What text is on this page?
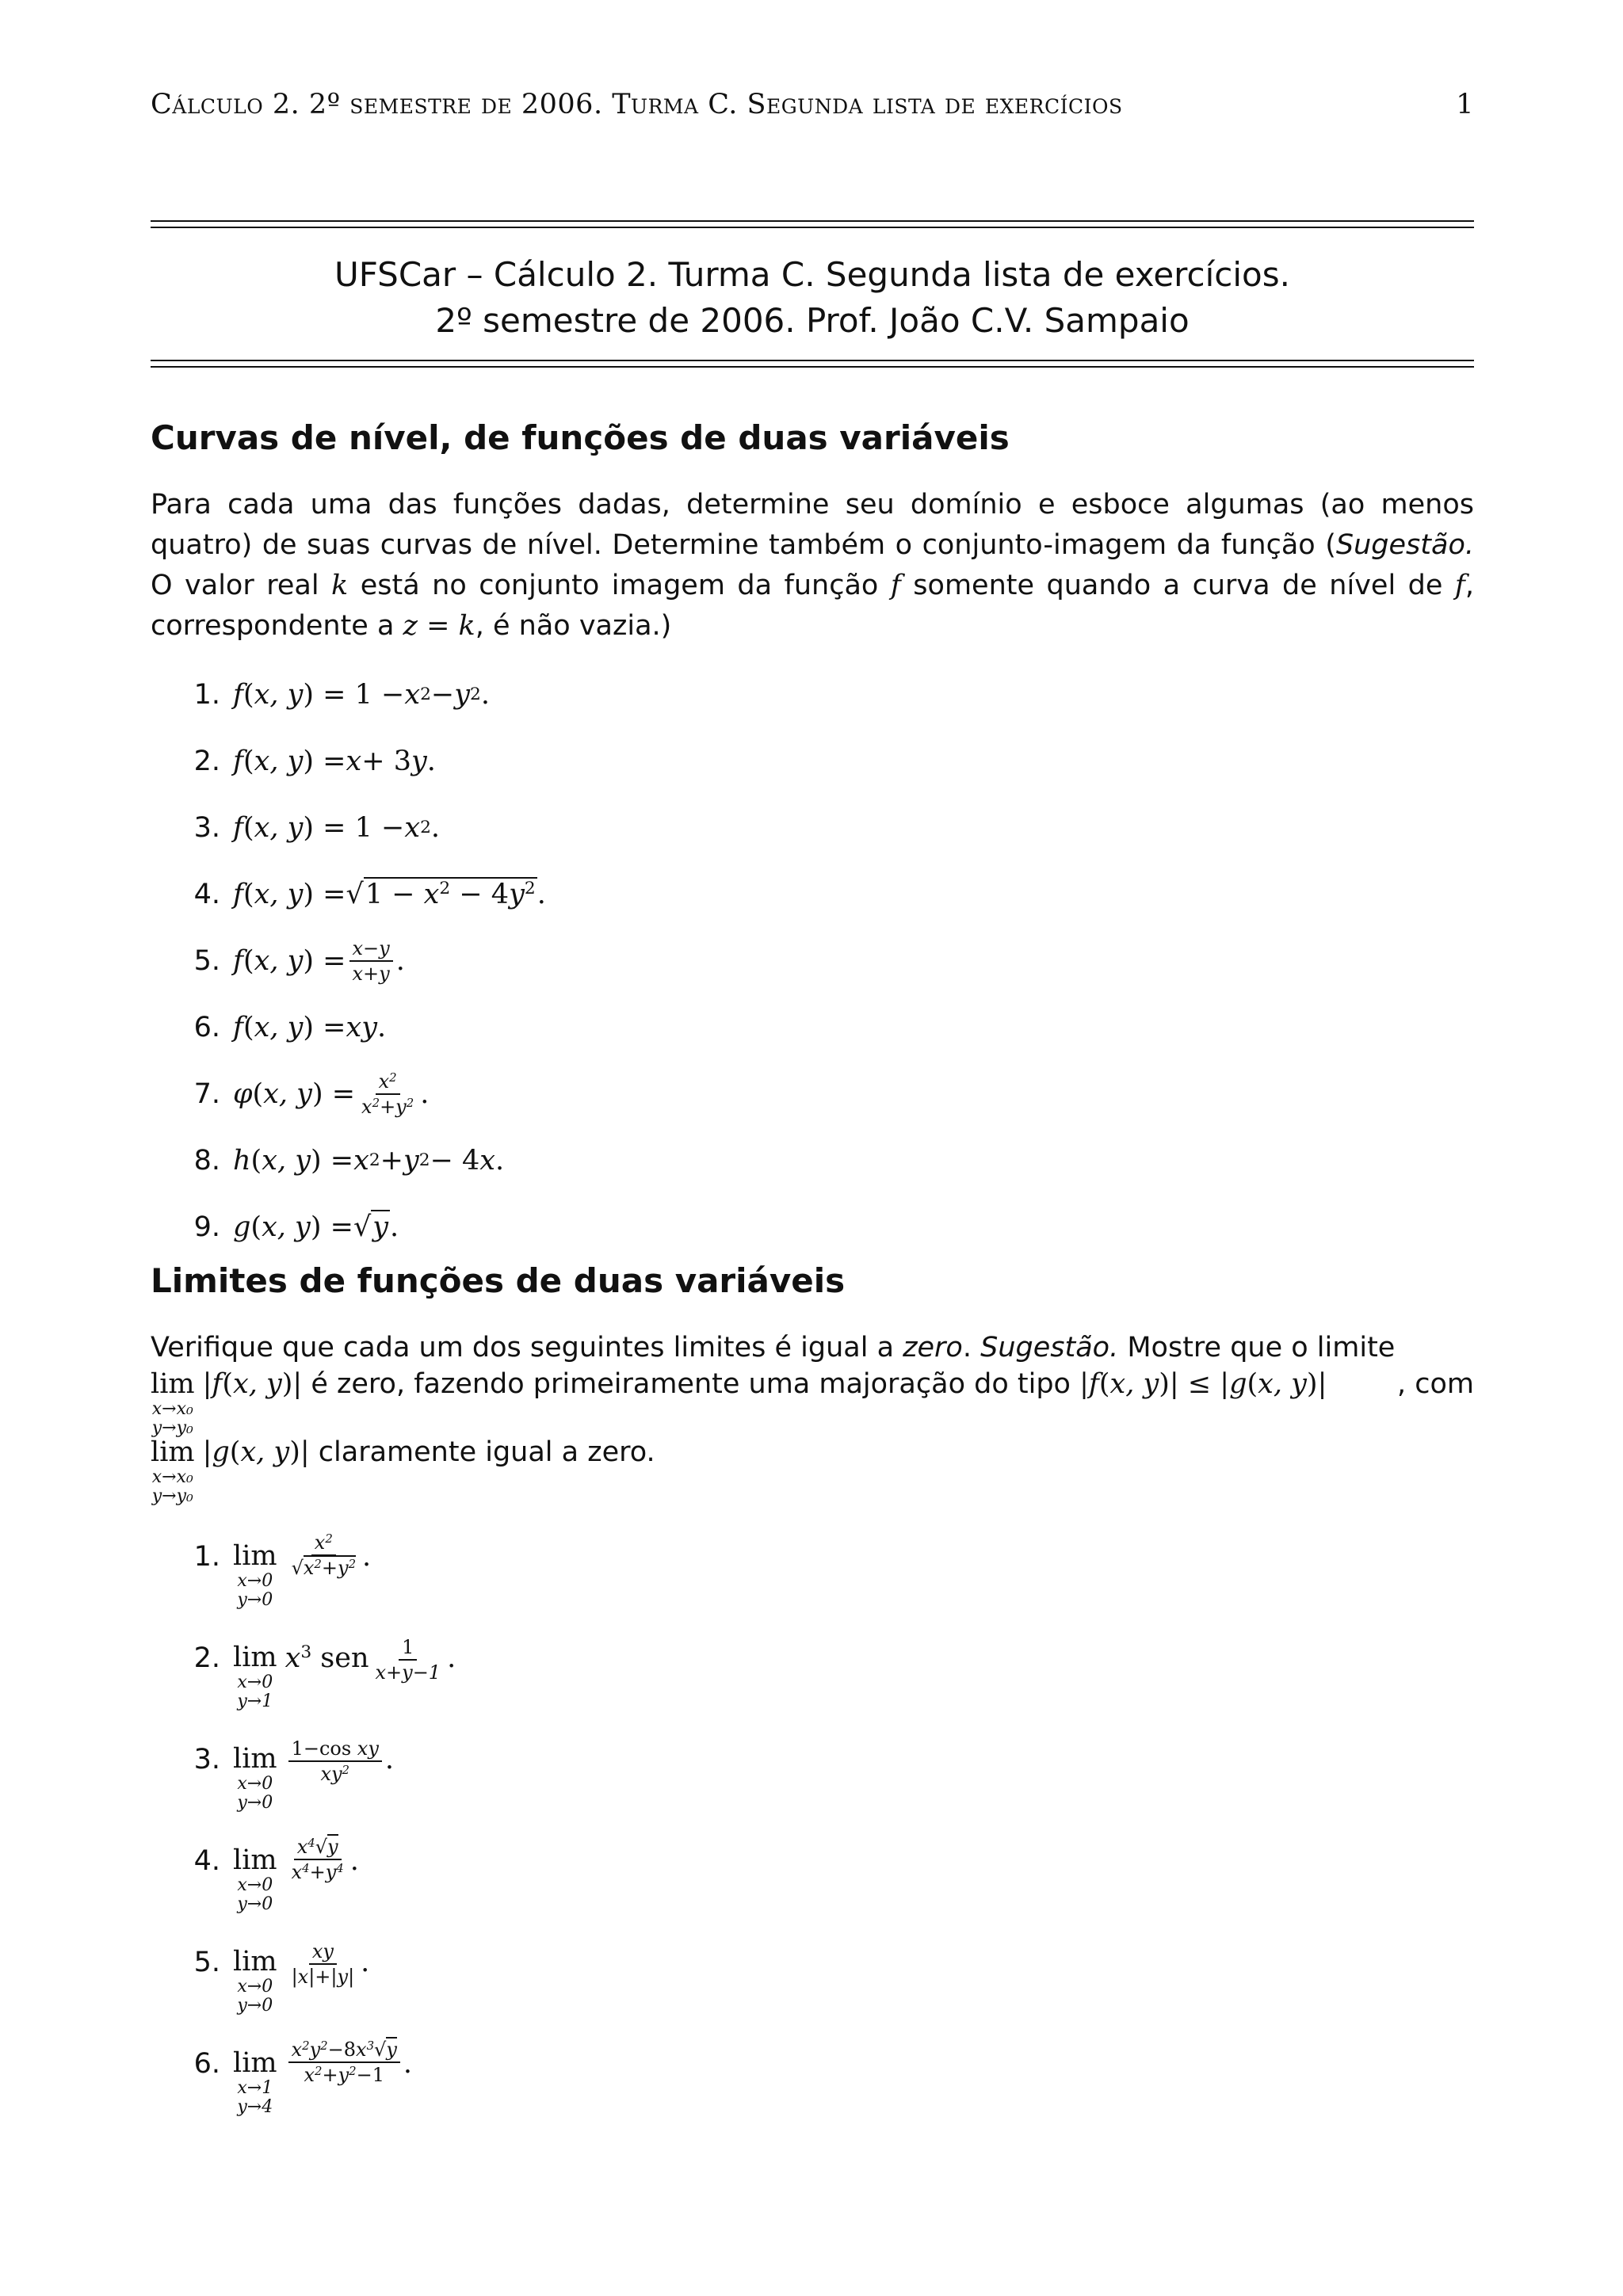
Cálculo 2. 2º semestre de 2006. Turma C. Segunda lista de exercícios	1
UFSCar – Cálculo 2. Turma C. Segunda lista de exercícios.
2º semestre de 2006. Prof. João C.V. Sampaio
Curvas de nível, de funções de duas variáveis
Para cada uma das funções dadas, determine seu domínio e esboce algumas (ao menos quatro) de suas curvas de nível. Determine também o conjunto-imagem da função (Sugestão. O valor real k está no conjunto imagem da função f somente quando a curva de nível de f, correspondente a z = k, é não vazia.)
1. f ( x, y ) = 1 − x 2 − y 2 .
2. f ( x, y ) = x + 3 y .
3. f ( x, y ) = 1 − x 2 .
4. f ( x, y ) = $√1 - x^2 - 4y^2$ .
5. f ( x, y ) = $\frac{x-y}{x+y}$ .
6. f ( x, y ) = xy .
7. φ ( x, y ) = $\frac{x^2}{x^2+y^2}$ .
8. h ( x, y ) = x 2 + y 2 − 4 x .
9. g ( x, y ) = √y .
Limites de funções de duas variáveis
Verifique que cada um dos seguintes limites é igual a zero. Sugestão. Mostre que o limite
lim
x→x₀
y→y₀
|f(x, y)| é zero, fazendo primeiramente uma majoração do tipo |f(x, y)| ≤ |g(x, y)|	, com
lim
x→x₀
y→y₀
|g(x, y)| claramente igual a zero.
1. lim
x→0
y→0
$\frac{x^2}{√x^2+y^2}$ .
2. lim
x→0
y→1
$x^3$ sen $\frac{1}{x+y-1}$ .
3. lim
x→0
y→0
$\frac{\text{1−cos xy}}{xy^2}$ .
4. lim
x→0
y→0
$\frac{x^4√y}{x^4+y^4}$ .
5. lim
x→0
y→0
$\frac{xy}{|x|+|y|}$ .
6. lim
x→1
y→4
$\frac{x^2y^2-8x^3√y}{x^2+y^2-1}$ .
